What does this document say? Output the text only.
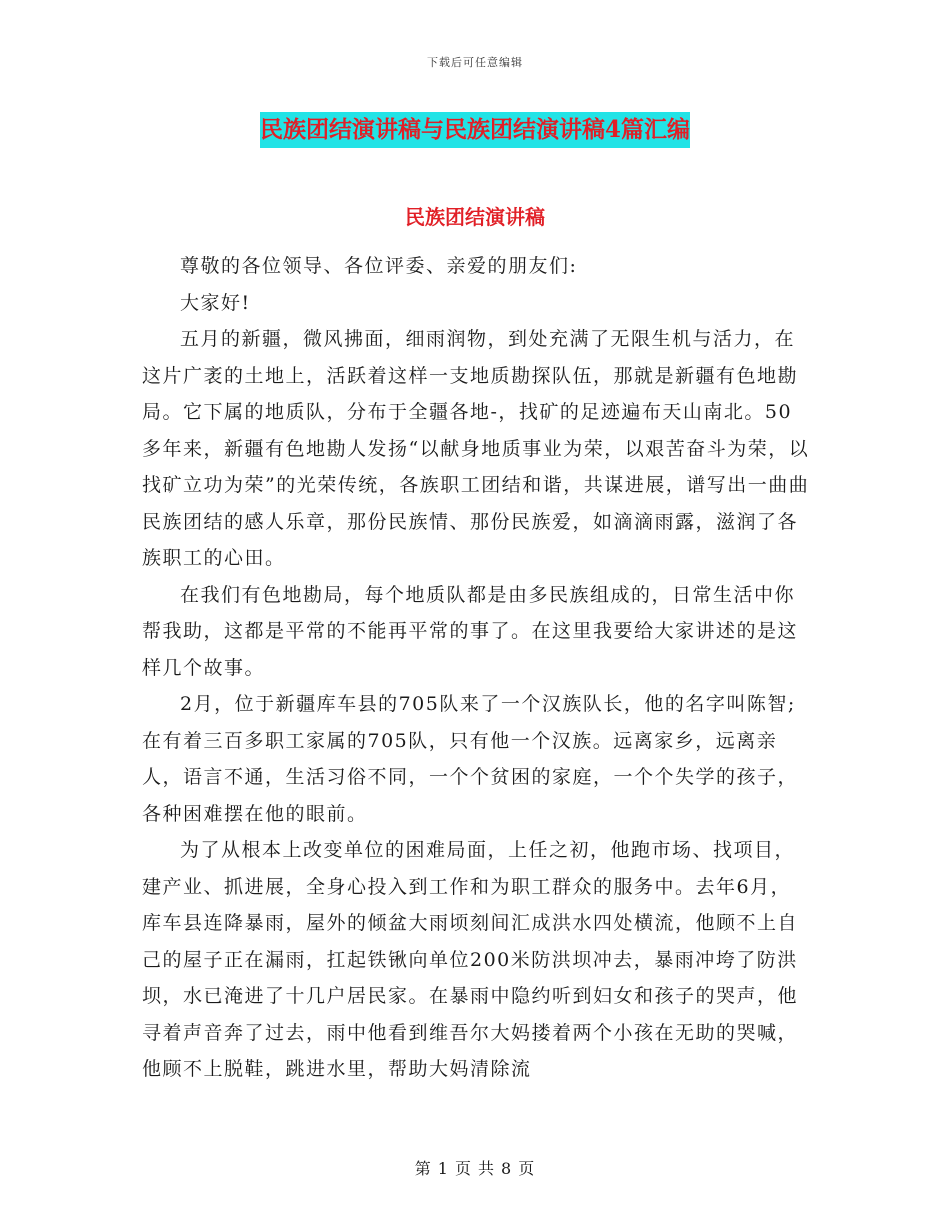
下载后可任意编辑
民族团结演讲稿与民族团结演讲稿4篇汇编
民族团结演讲稿

尊敬的各位领导、各位评委、亲爱的朋友们:

大家好!

五月的新疆，微风拂面，细雨润物，到处充满了无限生机与活力，在这片广袤的土地上，活跃着这样一支地质勘探队伍，那就是新疆有色地勘局。它下属的地质队，分布于全疆各地-，找矿的足迹遍布天山南北。50多年来，新疆有色地勘人发扬“以献身地质事业为荣，以艰苦奋斗为荣，以找矿立功为荣”的光荣传统，各族职工团结和谐，共谋进展，谱写出一曲曲民族团结的感人乐章，那份民族情、那份民族爱，如滴滴雨露，滋润了各族职工的心田。

在我们有色地勘局，每个地质队都是由多民族组成的，日常生活中你帮我助，这都是平常的不能再平常的事了。在这里我要给大家讲述的是这样几个故事。

2月，位于新疆库车县的705队来了一个汉族队长，他的名字叫陈智;在有着三百多职工家属的705队，只有他一个汉族。远离家乡，远离亲人，语言不通，生活习俗不同，一个个贫困的家庭，一个个失学的孩子，各种困难摆在他的眼前。

为了从根本上改变单位的困难局面，上任之初，他跑市场、找项目，建产业、抓进展，全身心投入到工作和为职工群众的服务中。去年6月，库车县连降暴雨，屋外的倾盆大雨顷刻间汇成洪水四处横流，他顾不上自己的屋子正在漏雨，扛起铁锹向单位200米防洪坝冲去，暴雨冲垮了防洪坝，水已淹进了十几户居民家。在暴雨中隐约听到妇女和孩子的哭声，他寻着声音奔了过去，雨中他看到维吾尔大妈搂着两个小孩在无助的哭喊，他顾不上脱鞋，跳进水里，帮助大妈清除流

第 1 页 共 8 页
